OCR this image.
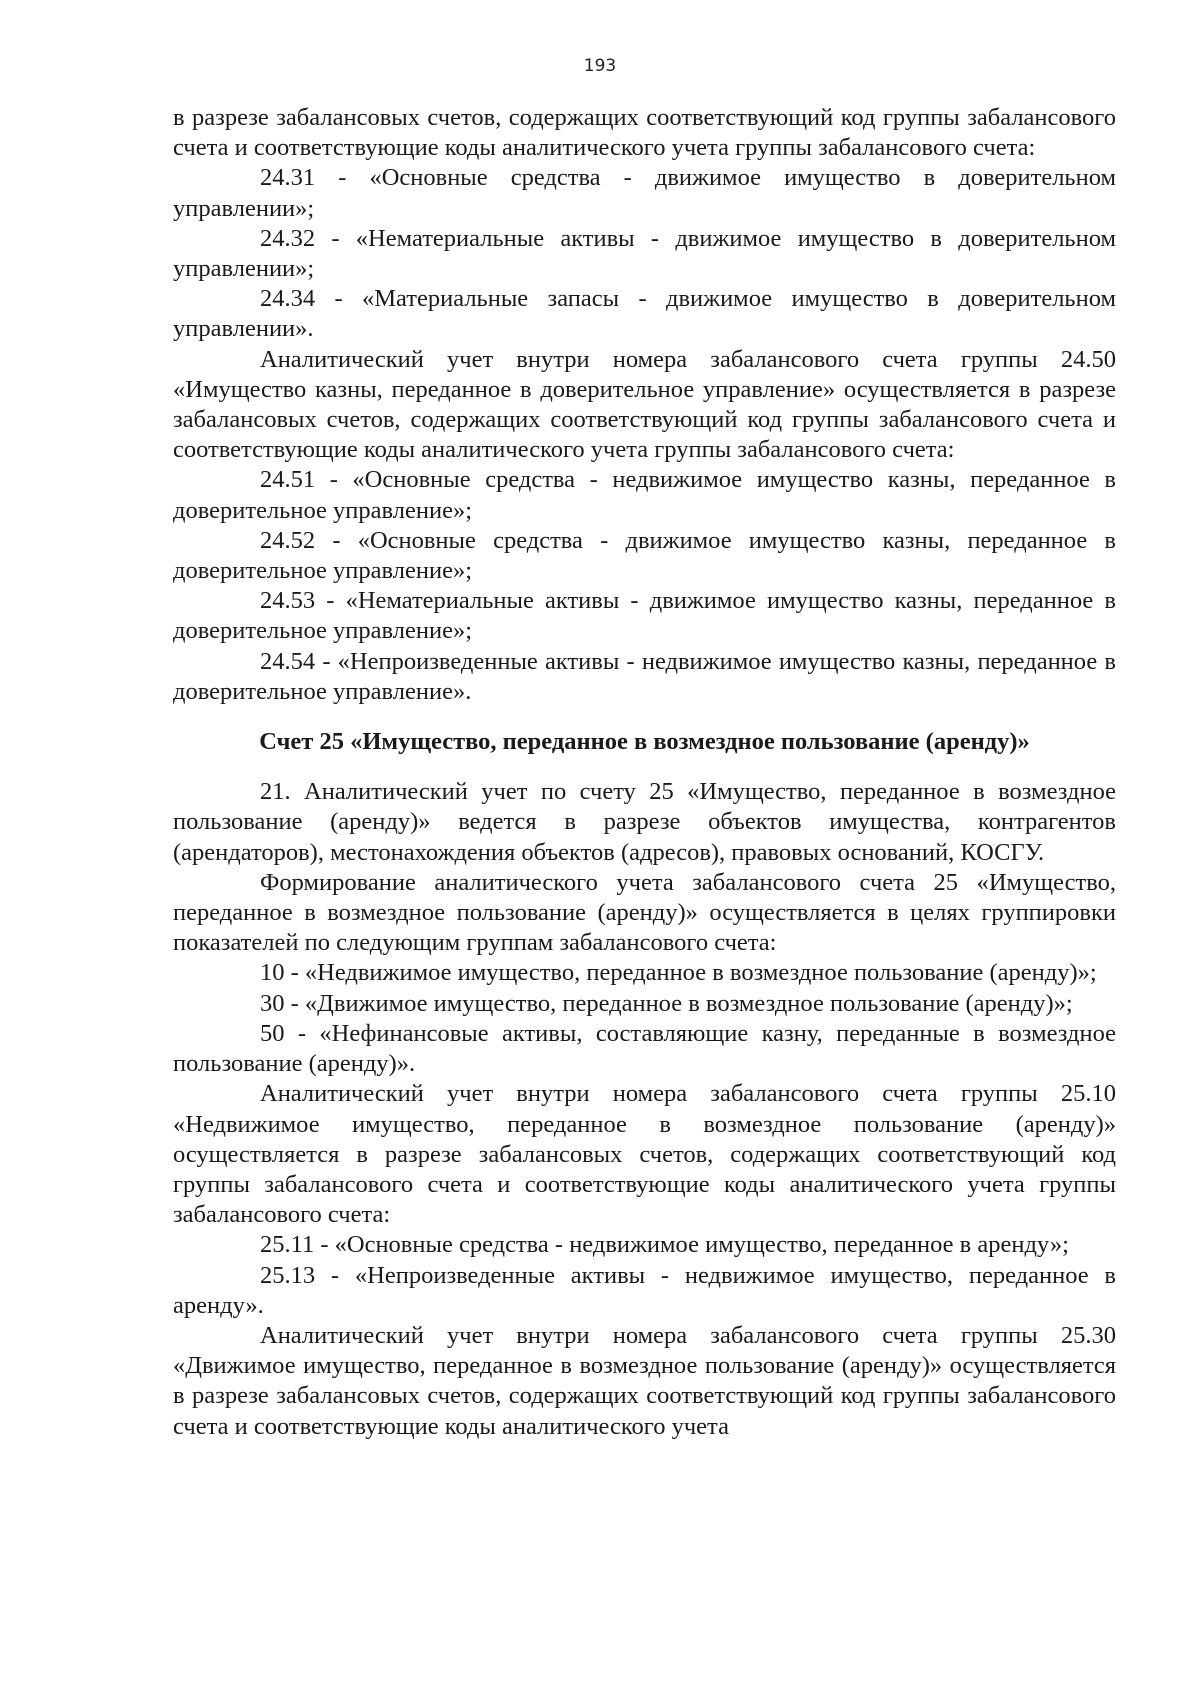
193

в разрезе забалансовых счетов, содержащих соответствующий код группы забалансового счета и соответствующие коды аналитического учета группы забалансового счета:

24.31 - «Основные средства - движимое имущество в доверительном управлении»;

24.32 - «Нематериальные активы - движимое имущество в доверительном управлении»;

24.34 - «Материальные запасы - движимое имущество в доверительном управлении».

Аналитический учет внутри номера забалансового счета группы 24.50 «Имущество казны, переданное в доверительное управление» осуществляется в разрезе забалансовых счетов, содержащих соответствующий код группы забалансового счета и соответствующие коды аналитического учета группы забалансового счета:

24.51 - «Основные средства - недвижимое имущество казны, переданное в доверительное управление»;

24.52 - «Основные средства - движимое имущество казны, переданное в доверительное управление»;

24.53 - «Нематериальные активы - движимое имущество казны, переданное в доверительное управление»;

24.54 - «Непроизведенные активы - недвижимое имущество казны, переданное в доверительное управление».

Счет 25 «Имущество, переданное в возмездное пользование (аренду)»

21. Аналитический учет по счету 25 «Имущество, переданное в возмездное пользование (аренду)» ведется в разрезе объектов имущества, контрагентов (арендаторов), местонахождения объектов (адресов), правовых оснований, КОСГУ.

Формирование аналитического учета забалансового счета 25 «Имущество, переданное в возмездное пользование (аренду)» осуществляется в целях группировки показателей по следующим группам забалансового счета:

10 - «Недвижимое имущество, переданное в возмездное пользование (аренду)»;

30 - «Движимое имущество, переданное в возмездное пользование (аренду)»;

50 - «Нефинансовые активы, составляющие казну, переданные в возмездное пользование (аренду)».

Аналитический учет внутри номера забалансового счета группы 25.10 «Недвижимое имущество, переданное в возмездное пользование (аренду)» осуществляется в разрезе забалансовых счетов, содержащих соответствующий код группы забалансового счета и соответствующие коды аналитического учета группы забалансового счета:

25.11 - «Основные средства - недвижимое имущество, переданное в аренду»;

25.13 - «Непроизведенные активы - недвижимое имущество, переданное в аренду».

Аналитический учет внутри номера забалансового счета группы 25.30 «Движимое имущество, переданное в возмездное пользование (аренду)» осуществляется в разрезе забалансовых счетов, содержащих соответствующий код группы забалансового счета и соответствующие коды аналитического учета
